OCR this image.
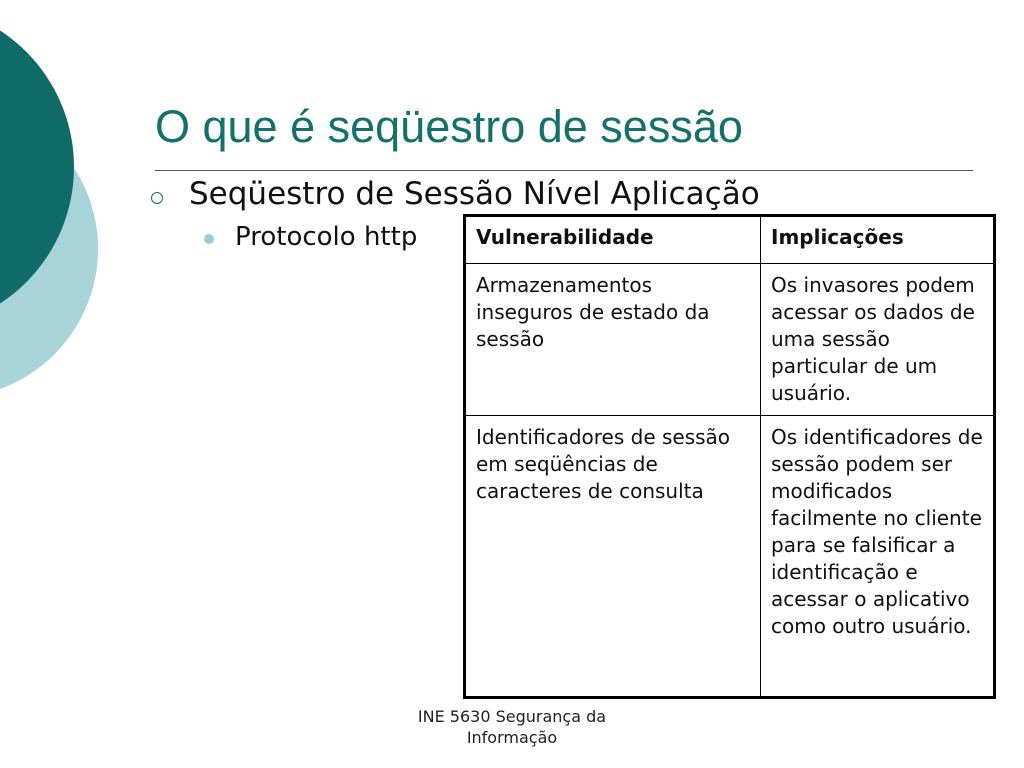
O que é seqüestro de sessão
Seqüestro de Sessão Nível Aplicação
Protocolo http	Vulnerabilidade	Implicações
Armazenamentos inseguros de estado da sessão	Os invasores podem acessar os dados de uma sessão particular de um usuário.
Identificadores de sessão em seqüências de caracteres de consulta	Os identificadores de sessão podem ser modificados facilmente no cliente para se falsificar a identificação e acessar o aplicativo como outro usuário.
INE 5630 Segurança da
Informação
